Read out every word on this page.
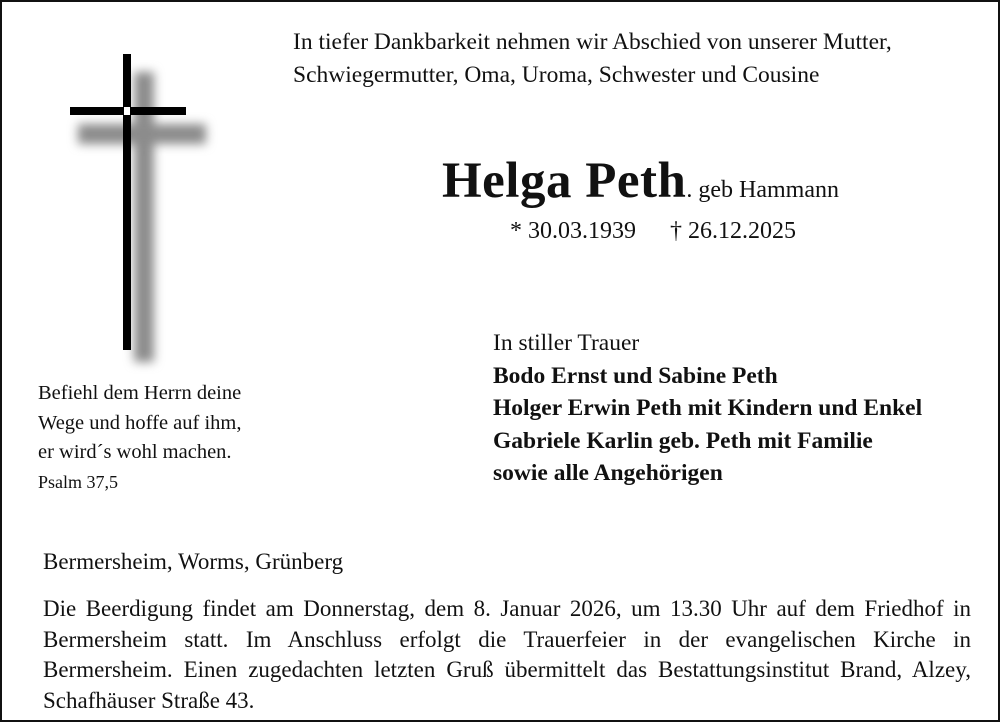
In tiefer Dankbarkeit nehmen wir Abschied von unserer Mutter, Schwiegermutter, Oma, Uroma, Schwester und Cousine

Helga Peth. geb Hammann
* 30.03.1939 † 26.12.2025
Befiehl dem Herrn deine
Wege und hoffe auf ihm,
er wird´s wohl machen.
Psalm 37,5
In stiller Trauer
Bodo Ernst und Sabine Peth
Holger Erwin Peth mit Kindern und Enkel
Gabriele Karlin geb. Peth mit Familie
sowie alle Angehörigen
Bermersheim, Worms, Grünberg

Die Beerdigung findet am Donnerstag, dem 8. Januar 2026, um 13.30 Uhr auf dem Friedhof in Bermersheim statt. Im Anschluss erfolgt die Trauerfeier in der evangelischen Kirche in Bermersheim. Einen zugedachten letzten Gruß übermittelt das Bestattungsinstitut Brand, Alzey, Schafhäuser Straße 43.
